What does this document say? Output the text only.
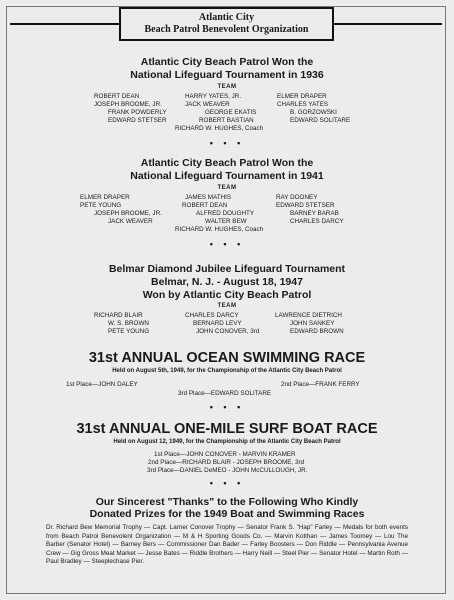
Atlantic City
Beach Patrol Benevolent Organization
Atlantic City Beach Patrol Won the
National Lifeguard Tournament in 1936
TEAM
ROBERT DEAN	HARRY YATES, JR.	ELMER DRAPER
JOSEPH BROOME, JR.	JACK WEAVER	CHARLES YATES
FRANK POWDERLY	GEORGE EKATIS	B. GORZOWSKI
EDWARD STETSER	ROBERT BASTIAN	EDWARD SOLITARE
RICHARD W. HUGHES, Coach
• • •
Atlantic City Beach Patrol Won the
National Lifeguard Tournament in 1941
TEAM
ELMER DRAPER	JAMES MATHIS	RAY DOONEY
PETE YOUNG	ROBERT DEAN	EDWARD STETSER
JOSEPH BROOME, JR.	ALFRED DOUGHTY	BARNEY BARAB
JACK WEAVER	WALTER BEW	CHARLES DARCY
RICHARD W. HUGHES, Coach
• • •
Belmar Diamond Jubilee Lifeguard Tournament
Belmar, N. J. - August 18, 1947
Won by Atlantic City Beach Patrol
TEAM
RICHARD BLAIR	CHARLES DARCY	LAWRENCE DIETRICH
W. S. BROWN	BERNARD LEVY	JOHN SANKEY
PETE YOUNG	JOHN CONOVER, 3rd	EDWARD BROWN
31st ANNUAL OCEAN SWIMMING RACE
Held on August 5th, 1949, for the Championship of the Atlantic City Beach Patrol
1st Place—JOHN DALEY	2nd Place—FRANK FERRY
3rd Place—EDWARD SOLITARE
• • •
31st ANNUAL ONE-MILE SURF BOAT RACE
Held on August 12, 1949, for the Championship of the Atlantic City Beach Patrol
1st Place—JOHN CONOVER - MARVIN KRAMER
2nd Place—RICHARD BLAIR - JOSEPH BROOME, 3rd
3rd Place—DANIEL DeMEO - JOHN McCULLOUGH, JR.
• • •
Our Sincerest "Thanks" to the Following Who Kindly
Donated Prizes for the 1949 Boat and Swimming Races
Dr. Richard Bew Memorial Trophy — Capt. Larner Conover Trophy — Senator Frank S. "Hap" Farley — Medals for both events from Beach Patrol Benevolent Organization — M & H Sporting Goods Co. — Marvin Kotlhan — James Toomey — Lou The Barber (Senator Hotel) — Barney Bers — Commissioner Dan Bader — Farley Boosters — Don Riddle — Pennsylvania Avenue Crew — Gig Gross Meat Market — Jesse Bates — Riddle Brothers — Harry Neill — Steel Pier — Senator Hotel — Martin Roth — Paul Bradley — Steeplechase Pier.
